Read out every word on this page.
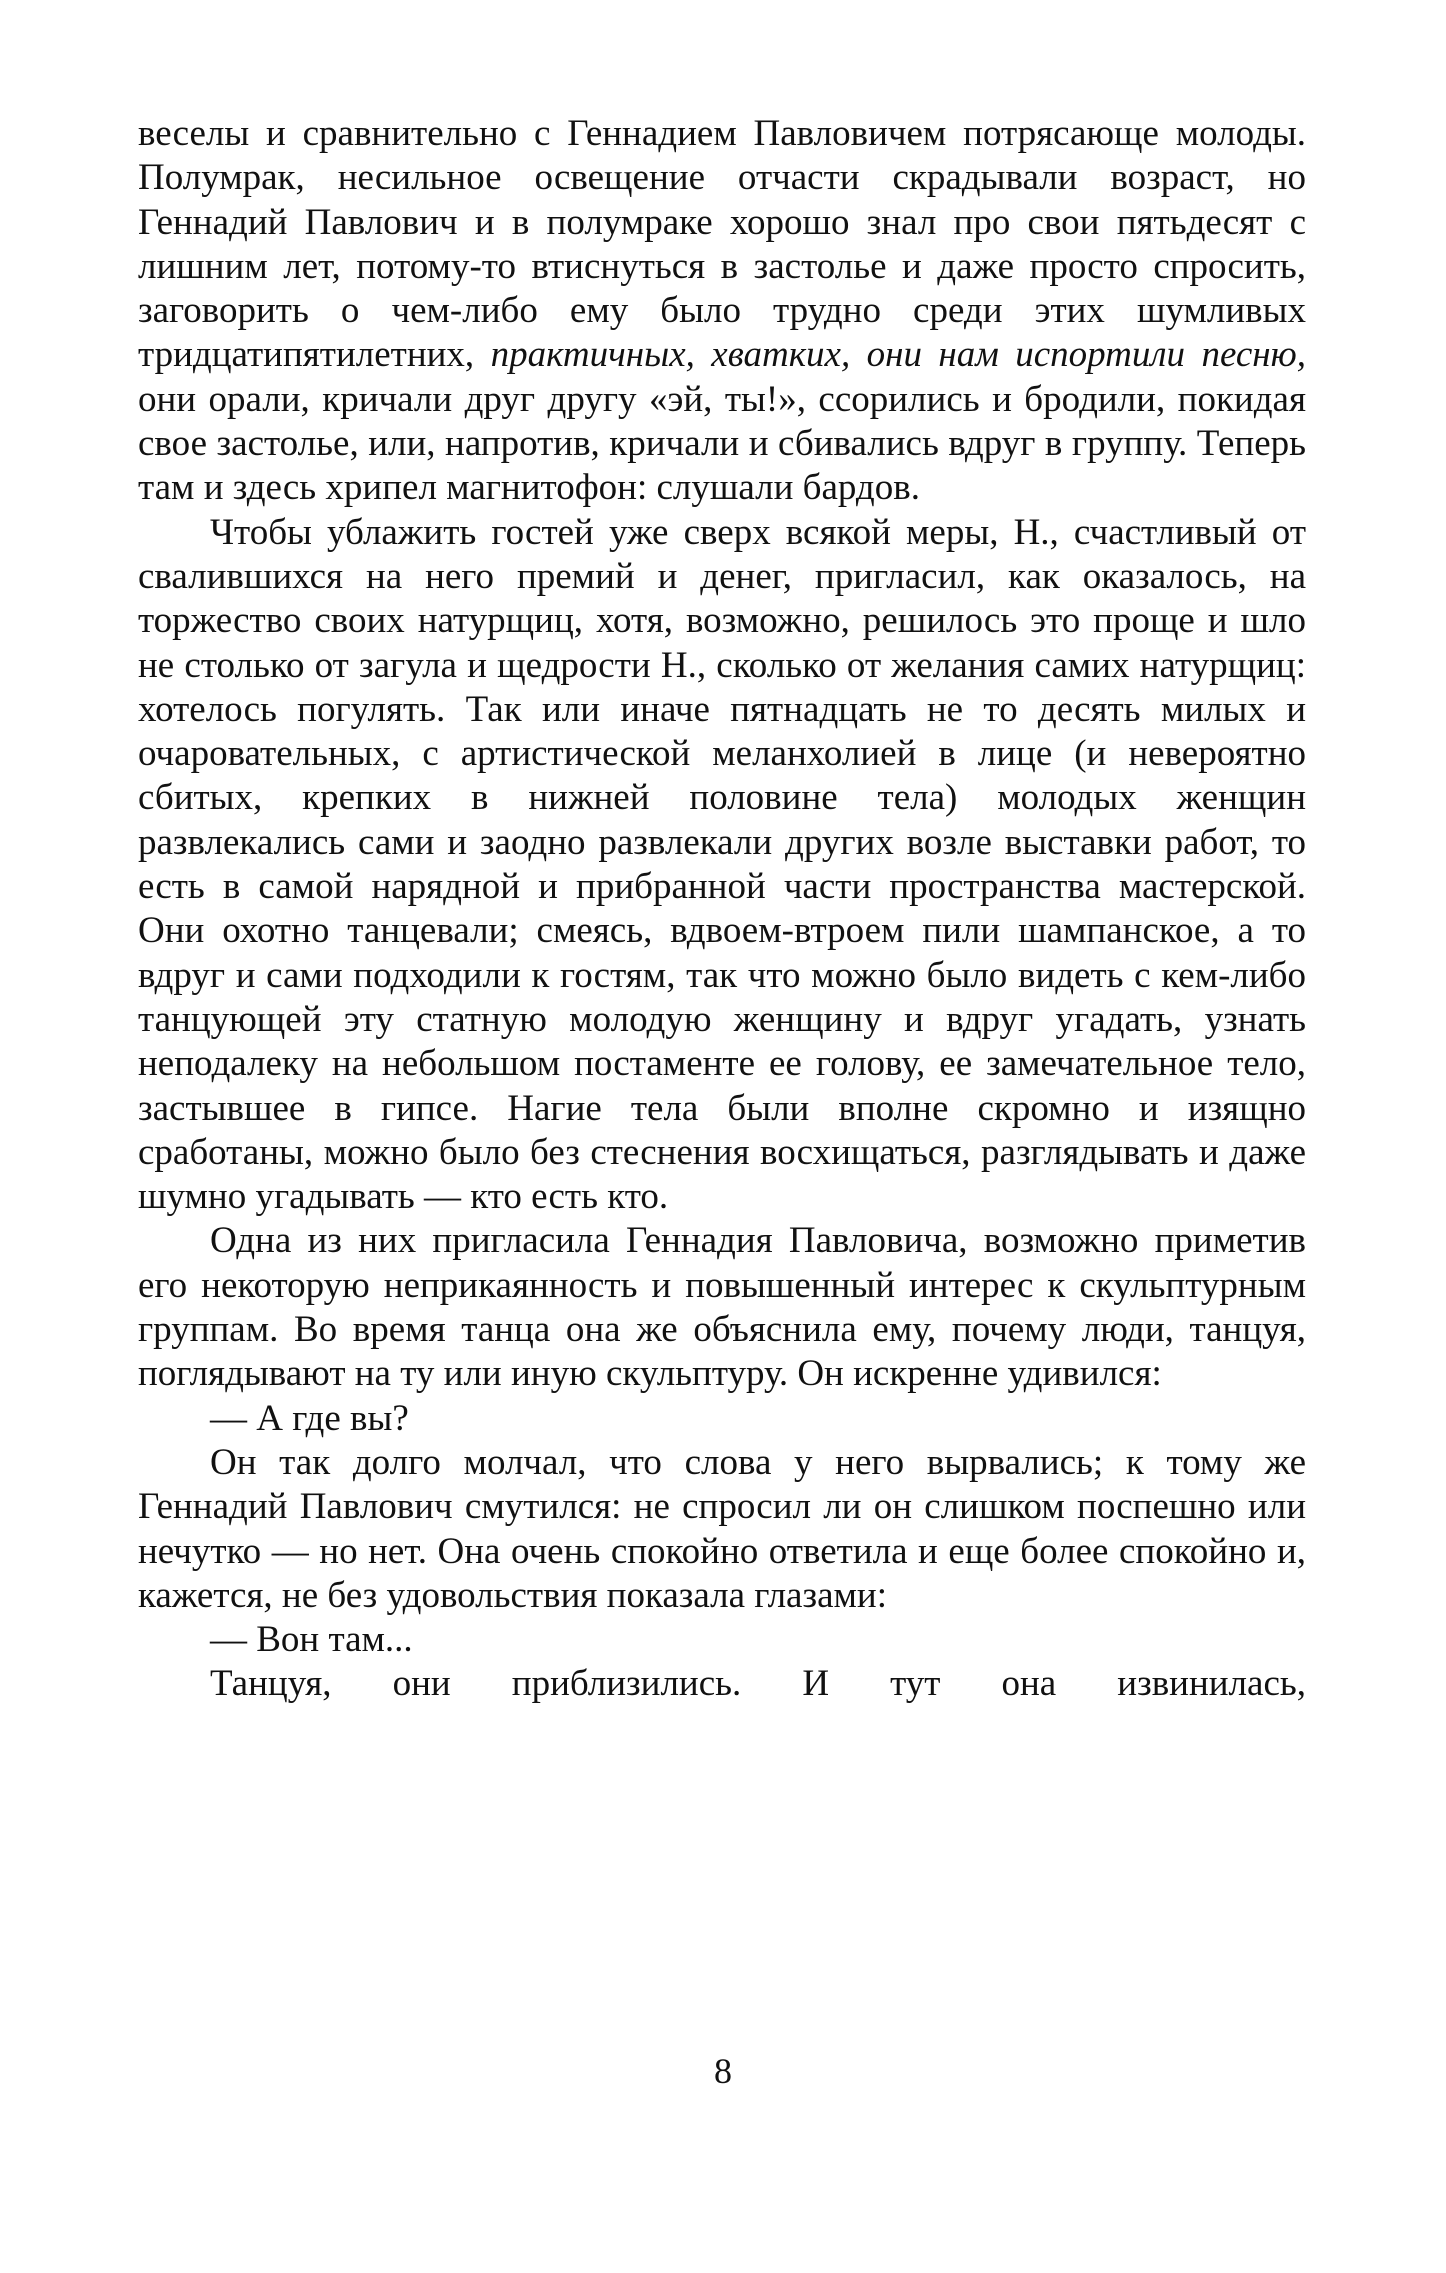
веселы и сравнительно с Геннадием Павловичем потрясающе молоды. Полумрак, несильное освещение отчасти скрадывали возраст, но Геннадий Павлович и в полумраке хорошо знал про свои пятьдесят с лишним лет, потому-то втиснуться в застолье и даже просто спросить, заговорить о чем-либо ему было трудно среди этих шумливых тридцатипятилетних, практичных, хватких, они нам испортили песню, они орали, кричали друг другу «эй, ты!», ссорились и бродили, покидая свое застолье, или, напротив, кричали и сбивались вдруг в группу. Теперь там и здесь хрипел магнитофон: слушали бардов.

Чтобы ублажить гостей уже сверх всякой меры, Н., счастливый от свалившихся на него премий и денег, пригласил, как оказалось, на торжество своих натурщиц, хотя, возможно, решилось это проще и шло не столько от загула и щедрости Н., сколько от желания самих натурщиц: хотелось погулять. Так или иначе пятнадцать не то десять милых и очаровательных, с артистической меланхолией в лице (и невероятно сбитых, крепких в нижней половине тела) молодых женщин развлекались сами и заодно развлекали других возле выставки работ, то есть в самой нарядной и прибранной части пространства мастерской. Они охотно танцевали; смеясь, вдвоем-втроем пили шампанское, а то вдруг и сами подходили к гостям, так что можно было видеть с кем-либо танцующей эту статную молодую женщину и вдруг угадать, узнать неподалеку на небольшом постаменте ее голову, ее замечательное тело, застывшее в гипсе. Нагие тела были вполне скромно и изящно сработаны, можно было без стеснения восхищаться, разглядывать и даже шумно угадывать — кто есть кто.

Одна из них пригласила Геннадия Павловича, возможно приметив его некоторую неприкаянность и повышенный интерес к скульптурным группам. Во время танца она же объяснила ему, почему люди, танцуя, поглядывают на ту или иную скульптуру. Он искренне удивился:

— А где вы?

Он так долго молчал, что слова у него вырвались; к тому же Геннадий Павлович смутился: не спросил ли он слишком поспешно или нечутко — но нет. Она очень спокойно ответила и еще более спокойно и, кажется, не без удовольствия показала глазами:

— Вон там...

Танцуя, они приблизились. И тут она извинилась,

8
